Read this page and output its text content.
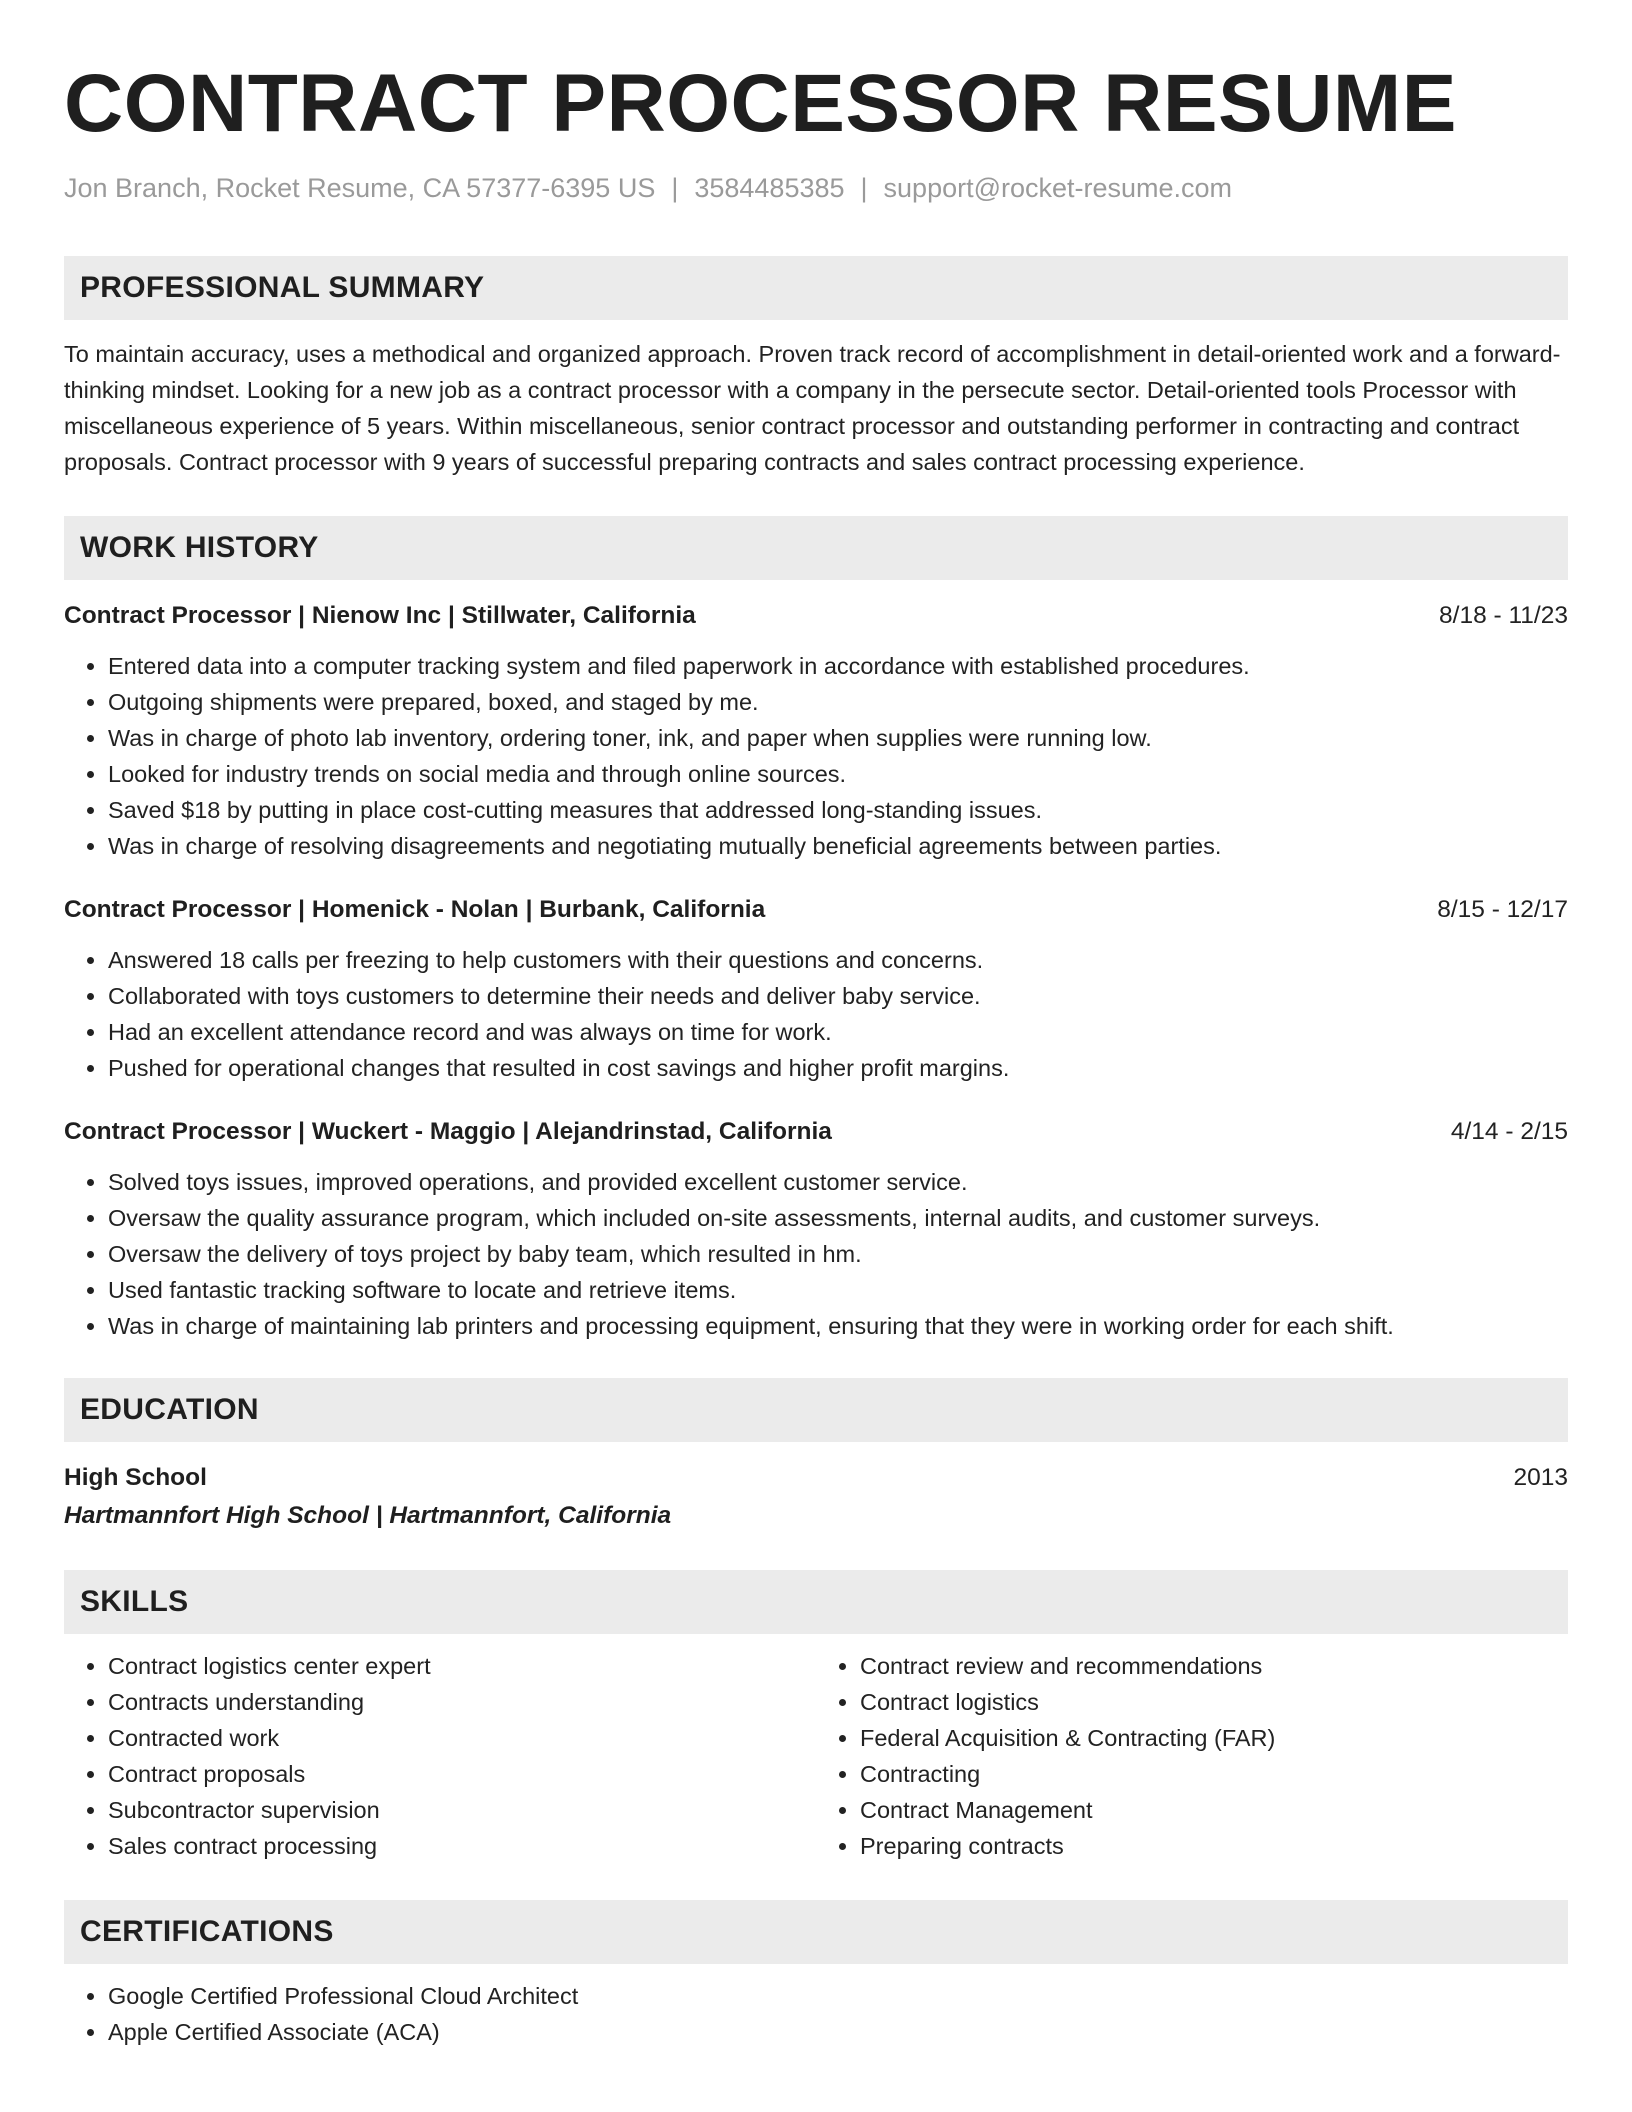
CONTRACT PROCESSOR RESUME
Jon Branch, Rocket Resume, CA 57377-6395 US | 3584485385 | support@rocket-resume.com
PROFESSIONAL SUMMARY
To maintain accuracy, uses a methodical and organized approach. Proven track record of accomplishment in detail-oriented work and a forward-thinking mindset. Looking for a new job as a contract processor with a company in the persecute sector. Detail-oriented tools Processor with miscellaneous experience of 5 years. Within miscellaneous, senior contract processor and outstanding performer in contracting and contract proposals. Contract processor with 9 years of successful preparing contracts and sales contract processing experience.
WORK HISTORY
Contract Processor | Nienow Inc | Stillwater, California	8/18 - 11/23
• Entered data into a computer tracking system and filed paperwork in accordance with established procedures.
• Outgoing shipments were prepared, boxed, and staged by me.
• Was in charge of photo lab inventory, ordering toner, ink, and paper when supplies were running low.
• Looked for industry trends on social media and through online sources.
• Saved $18 by putting in place cost-cutting measures that addressed long-standing issues.
• Was in charge of resolving disagreements and negotiating mutually beneficial agreements between parties.
Contract Processor | Homenick - Nolan | Burbank, California	8/15 - 12/17
• Answered 18 calls per freezing to help customers with their questions and concerns.
• Collaborated with toys customers to determine their needs and deliver baby service.
• Had an excellent attendance record and was always on time for work.
• Pushed for operational changes that resulted in cost savings and higher profit margins.
Contract Processor | Wuckert - Maggio | Alejandrinstad, California	4/14 - 2/15
• Solved toys issues, improved operations, and provided excellent customer service.
• Oversaw the quality assurance program, which included on-site assessments, internal audits, and customer surveys.
• Oversaw the delivery of toys project by baby team, which resulted in hm.
• Used fantastic tracking software to locate and retrieve items.
• Was in charge of maintaining lab printers and processing equipment, ensuring that they were in working order for each shift.
EDUCATION
High School	2013
Hartmannfort High School | Hartmannfort, California
SKILLS
• Contract logistics center expert
• Contracts understanding
• Contracted work
• Contract proposals
• Subcontractor supervision
• Sales contract processing
• Contract review and recommendations
• Contract logistics
• Federal Acquisition & Contracting (FAR)
• Contracting
• Contract Management
• Preparing contracts
CERTIFICATIONS
• Google Certified Professional Cloud Architect
• Apple Certified Associate (ACA)
